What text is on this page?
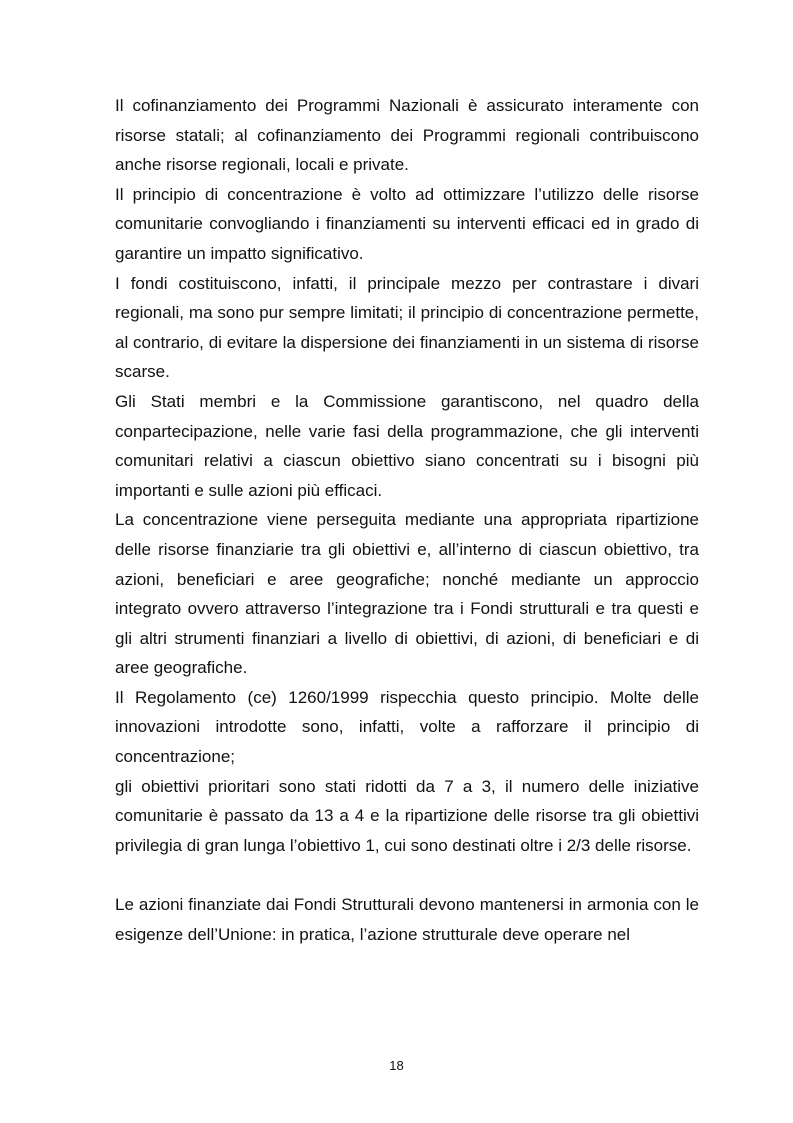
Il cofinanziamento dei Programmi Nazionali è assicurato interamente con risorse statali; al cofinanziamento dei Programmi regionali contribuiscono anche risorse regionali, locali e private.

Il principio di concentrazione è volto ad ottimizzare l’utilizzo delle risorse comunitarie convogliando i finanziamenti su interventi efficaci ed in grado di garantire un impatto significativo.

I fondi costituiscono, infatti, il principale mezzo per contrastare i divari regionali, ma sono pur sempre limitati; il principio di concentrazione permette, al contrario, di evitare la dispersione dei finanziamenti in un sistema di risorse scarse.

Gli Stati membri e la Commissione garantiscono, nel quadro della conpartecipazione, nelle varie fasi della programmazione, che gli interventi comunitari relativi a ciascun obiettivo siano concentrati su i bisogni più importanti e sulle azioni più efficaci.

La concentrazione viene perseguita mediante una appropriata ripartizione delle risorse finanziarie tra gli obiettivi e, all’interno di ciascun obiettivo, tra azioni, beneficiari e aree geografiche; nonché mediante un approccio integrato ovvero attraverso l’integrazione tra i Fondi strutturali e tra questi e gli altri strumenti finanziari a livello di obiettivi, di azioni, di beneficiari e di aree geografiche.

Il Regolamento (ce) 1260/1999 rispecchia questo principio. Molte delle innovazioni introdotte sono, infatti, volte a rafforzare il principio di concentrazione;

gli obiettivi prioritari sono stati ridotti da 7 a 3, il numero delle iniziative comunitarie è passato da 13 a 4 e la ripartizione delle risorse tra gli obiettivi privilegia di gran lunga l’obiettivo 1, cui sono destinati oltre i 2/3 delle risorse.

Le azioni finanziate dai Fondi Strutturali devono mantenersi in armonia con le esigenze dell’Unione: in pratica, l’azione strutturale deve operare nel

18
